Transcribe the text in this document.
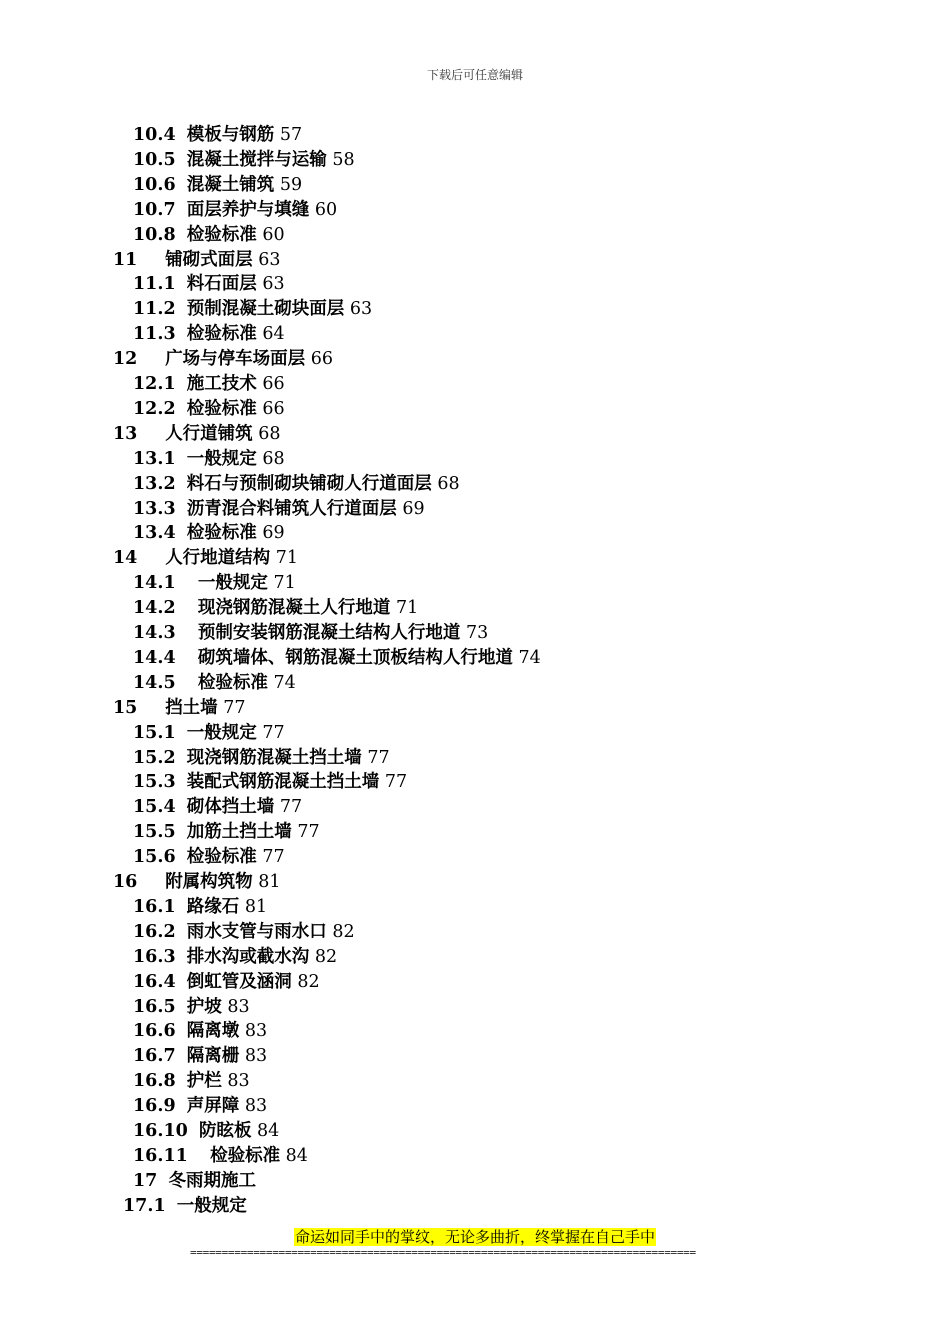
下载后可任意编辑
10.4 模板与钢筋 57
10.5 混凝土搅拌与运输 58
10.6 混凝土铺筑 59
10.7 面层养护与填缝 60
10.8 检验标准 60
11 铺砌式面层 63
11.1 料石面层 63
11.2 预制混凝土砌块面层 63
11.3 检验标准 64
12 广场与停车场面层 66
12.1 施工技术 66
12.2 检验标准 66
13 人行道铺筑 68
13.1 一般规定 68
13.2 料石与预制砌块铺砌人行道面层 68
13.3 沥青混合料铺筑人行道面层 69
13.4 检验标准 69
14 人行地道结构 71
14.1 一般规定 71
14.2 现浇钢筋混凝土人行地道 71
14.3 预制安装钢筋混凝土结构人行地道 73
14.4 砌筑墙体、钢筋混凝土顶板结构人行地道 74
14.5 检验标准 74
15 挡土墙 77
15.1 一般规定 77
15.2 现浇钢筋混凝土挡土墙 77
15.3 装配式钢筋混凝土挡土墙 77
15.4 砌体挡土墙 77
15.5 加筋土挡土墙 77
15.6 检验标准 77
16 附属构筑物 81
16.1 路缘石 81
16.2 雨水支管与雨水口 82
16.3 排水沟或截水沟 82
16.4 倒虹管及涵洞 82
16.5 护坡 83
16.6 隔离墩 83
16.7 隔离栅 83
16.8 护栏 83
16.9 声屏障 83
16.10 防眩板 84
16.11 检验标准 84
17 冬雨期施工
17.1 一般规定
命运如同手中的掌纹，无论多曲折，终掌握在自己手中
================================================================================
